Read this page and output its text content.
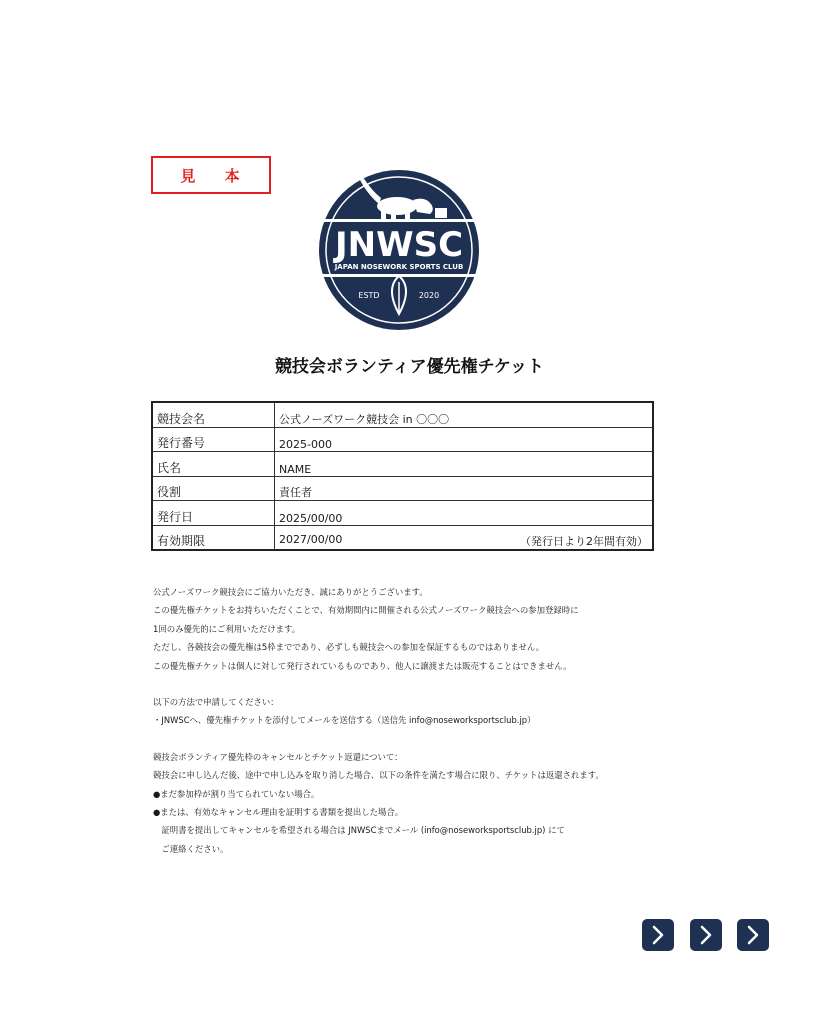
見 本
JNWSC
JAPAN NOSEWORK SPORTS CLUB
ESTD	2020
競技会ボランティア優先権チケット
競技会名	公式ノーズワーク競技会 in 〇〇〇
発行番号	2025-000
氏名	NAME
役割	責任者
発行日	2025/00/00
有効期限	2027/00/00 （発行日より2年間有効）

公式ノーズワーク競技会にご協力いただき、誠にありがとうございます。

この優先権チケットをお持ちいただくことで、有効期間内に開催される公式ノーズワーク競技会への参加登録時に

1回のみ優先的にご利用いただけます。

ただし、各競技会の優先権は5枠までであり、必ずしも競技会への参加を保証するものではありません。

この優先権チケットは個人に対して発行されているものであり、他人に譲渡または販売することはできません。

以下の方法で申請してください：

・JNWSCへ、優先権チケットを添付してメールを送信する（送信先 info@noseworksportsclub.jp）

競技会ボランティア優先枠のキャンセルとチケット返還について：

競技会に申し込んだ後、途中で申し込みを取り消した場合、以下の条件を満たす場合に限り、チケットは返還されます。

●まだ参加枠が割り当てられていない場合。

●または、有効なキャンセル理由を証明する書類を提出した場合。

　証明書を提出してキャンセルを希望される場合は JNWSCまでメール (info@noseworksportsclub.jp) にて

　ご連絡ください。
